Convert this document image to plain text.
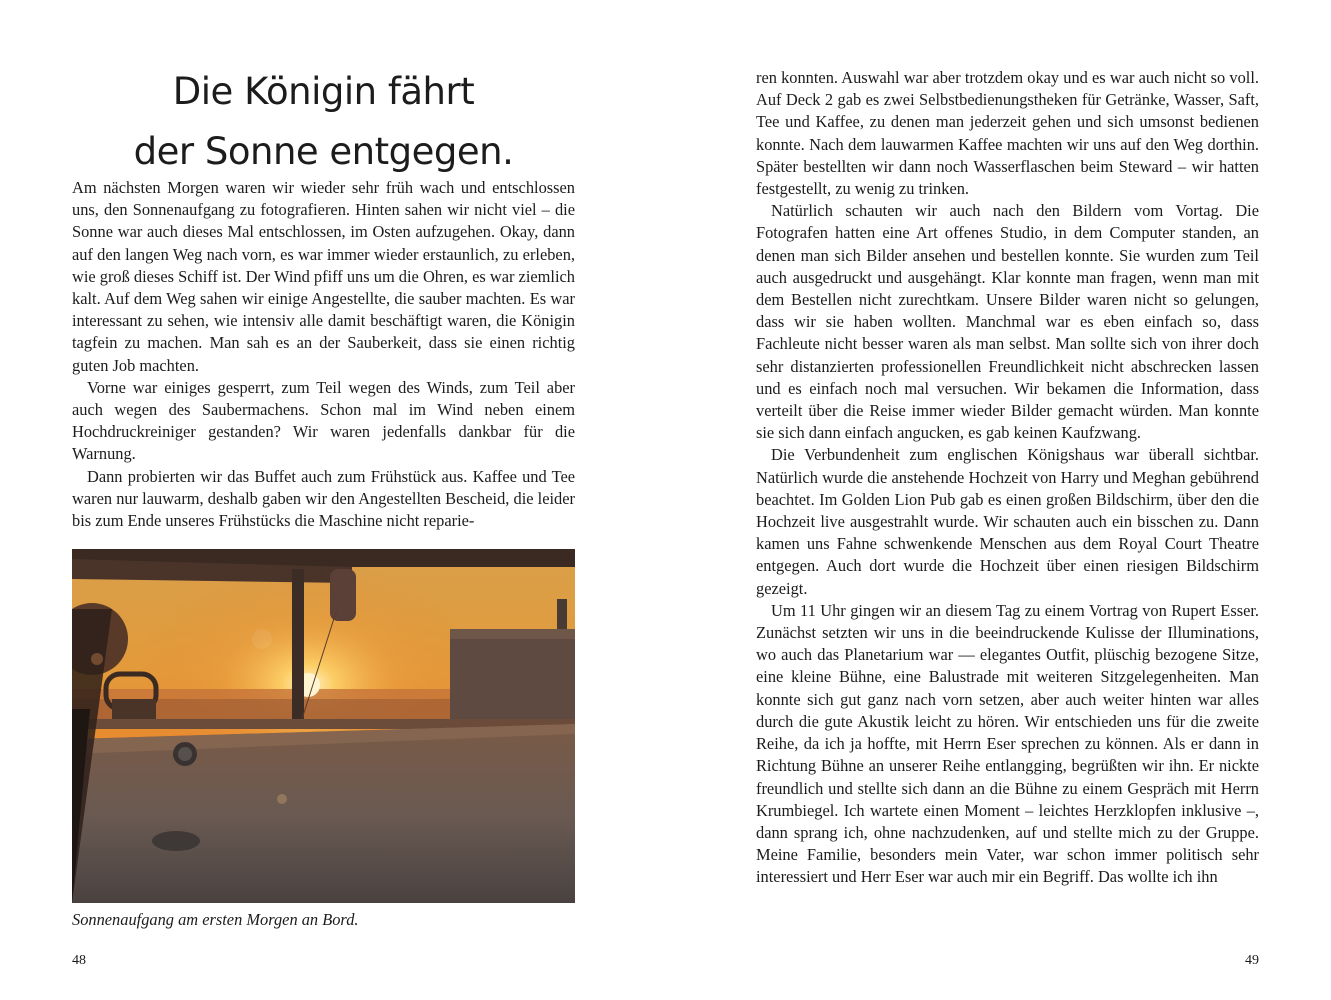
Die Königin fährt
der Sonne entgegen.

Am nächsten Morgen waren wir wieder sehr früh wach und entschlossen uns, den Sonnenaufgang zu fotografieren. Hinten sahen wir nicht viel – die Sonne war auch dieses Mal entschlossen, im Osten aufzugehen. Okay, dann auf den langen Weg nach vorn, es war immer wieder erstaunlich, zu erleben, wie groß dieses Schiff ist. Der Wind pfiff uns um die Ohren, es war ziemlich kalt. Auf dem Weg sahen wir einige Angestellte, die sauber machten. Es war interessant zu sehen, wie intensiv alle damit beschäftigt waren, die Königin tagfein zu machen. Man sah es an der Sauberkeit, dass sie einen richtig guten Job machten.

Vorne war einiges gesperrt, zum Teil wegen des Winds, zum Teil aber auch wegen des Saubermachens. Schon mal im Wind neben einem Hochdruckreiniger gestanden? Wir waren jedenfalls dankbar für die Warnung.

Dann probierten wir das Buffet auch zum Frühstück aus. Kaffee und Tee waren nur lauwarm, deshalb gaben wir den Angestellten Bescheid, die leider bis zum Ende unseres Frühstücks die Maschine nicht reparie-

Sonnenaufgang am ersten Morgen an Bord.
48

ren konnten. Auswahl war aber trotzdem okay und es war auch nicht so voll. Auf Deck 2 gab es zwei Selbstbedienungstheken für Getränke, Wasser, Saft, Tee und Kaffee, zu denen man jederzeit gehen und sich umsonst bedienen konnte. Nach dem lauwarmen Kaffee machten wir uns auf den Weg dorthin. Später bestellten wir dann noch Wasserflaschen beim Steward – wir hatten festgestellt, zu wenig zu trinken.

Natürlich schauten wir auch nach den Bildern vom Vortag. Die Fotografen hatten eine Art offenes Studio, in dem Computer standen, an denen man sich Bilder ansehen und bestellen konnte. Sie wurden zum Teil auch ausgedruckt und ausgehängt. Klar konnte man fragen, wenn man mit dem Bestellen nicht zurechtkam. Unsere Bilder waren nicht so gelungen, dass wir sie haben wollten. Manchmal war es eben einfach so, dass Fachleute nicht besser waren als man selbst. Man sollte sich von ihrer doch sehr distanzierten professionellen Freundlichkeit nicht abschrecken lassen und es einfach noch mal versuchen. Wir bekamen die Information, dass verteilt über die Reise immer wieder Bilder gemacht würden. Man konnte sie sich dann einfach angucken, es gab keinen Kaufzwang.

Die Verbundenheit zum englischen Königshaus war überall sichtbar. Natürlich wurde die anstehende Hochzeit von Harry und Meghan gebührend beachtet. Im Golden Lion Pub gab es einen großen Bildschirm, über den die Hochzeit live ausgestrahlt wurde. Wir schauten auch ein bisschen zu. Dann kamen uns Fahne schwenkende Menschen aus dem Royal Court Theatre entgegen. Auch dort wurde die Hochzeit über einen riesigen Bildschirm gezeigt.

Um 11 Uhr gingen wir an diesem Tag zu einem Vortrag von Rupert Esser. Zunächst setzten wir uns in die beeindruckende Kulisse der Illuminations, wo auch das Planetarium war — elegantes Outfit, plüschig bezogene Sitze, eine kleine Bühne, eine Balustrade mit weiteren Sitzgelegenheiten. Man konnte sich gut ganz nach vorn setzen, aber auch weiter hinten war alles durch die gute Akustik leicht zu hören. Wir entschieden uns für die zweite Reihe, da ich ja hoffte, mit Herrn Eser sprechen zu können. Als er dann in Richtung Bühne an unserer Reihe entlangging, begrüßten wir ihn. Er nickte freundlich und stellte sich dann an die Bühne zu einem Gespräch mit Herrn Krumbiegel. Ich wartete einen Moment – leichtes Herzklopfen inklusive –, dann sprang ich, ohne nachzudenken, auf und stellte mich zu der Gruppe. Meine Familie, besonders mein Vater, war schon immer politisch sehr interessiert und Herr Eser war auch mir ein Begriff. Das wollte ich ihn

49
